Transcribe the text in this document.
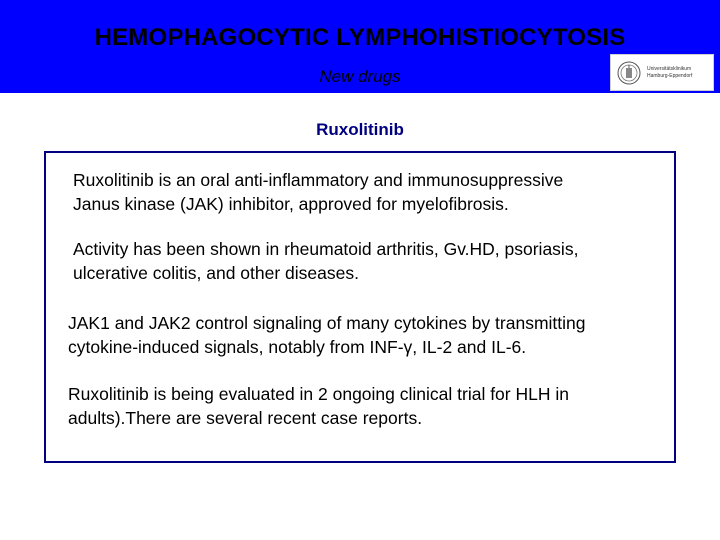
HEMOPHAGOCYTIC LYMPHOHISTIOCYTOSIS
New drugs	Universitätsklinikum
Hamburg-Eppendorf
Ruxolitinib

Ruxolitinib is an oral anti-inflammatory and immunosuppressive
Janus kinase (JAK) inhibitor, approved for myelofibrosis.

Activity has been shown in rheumatoid arthritis, Gv.HD, psoriasis,
ulcerative colitis, and other diseases.

JAK1 and JAK2 control signaling of many cytokines by transmitting
cytokine-induced signals, notably from INF-γ, IL-2 and IL-6.

Ruxolitinib is being evaluated in 2 ongoing clinical trial for HLH in
adults).There are several recent case reports.
